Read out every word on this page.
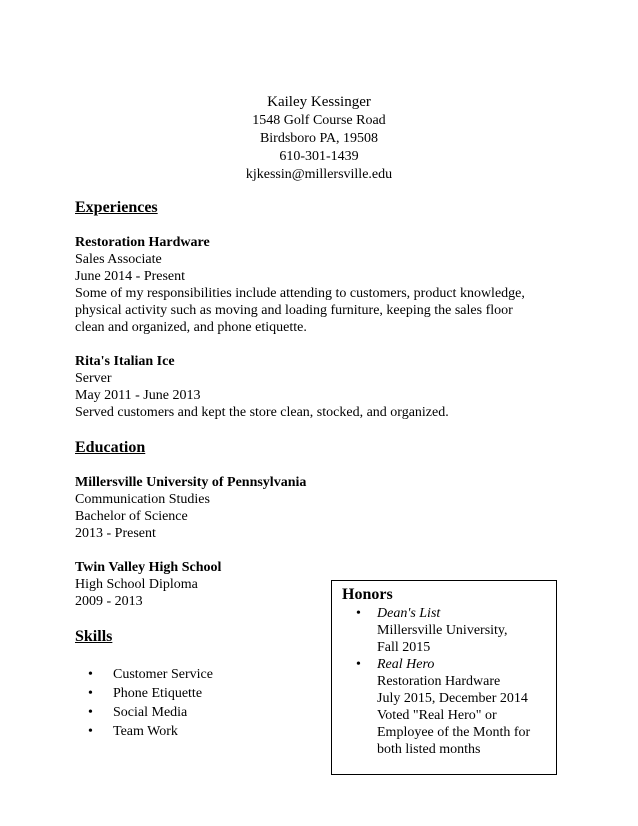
Kailey Kessinger
1548 Golf Course Road
Birdsboro PA, 19508
610-301-1439
kjkessin@millersville.edu
Experiences
Restoration Hardware
Sales Associate
June 2014 - Present
Some of my responsibilities include attending to customers, product knowledge,
physical activity such as moving and loading furniture, keeping the sales floor
clean and organized, and phone etiquette.
Rita's Italian Ice
Server
May 2011 - June 2013
Served customers and kept the store clean, stocked, and organized.
Education
Millersville University of Pennsylvania
Communication Studies
Bachelor of Science
2013 - Present
Twin Valley High School
High School Diploma
2009 - 2013
Skills
• Customer Service
• Phone Etiquette
• Social Media
• Team Work
Honors
• Dean's List
Millersville University,
Fall 2015
• Real Hero
Restoration Hardware
July 2015, December 2014
Voted "Real Hero" or
Employee of the Month for
both listed months
